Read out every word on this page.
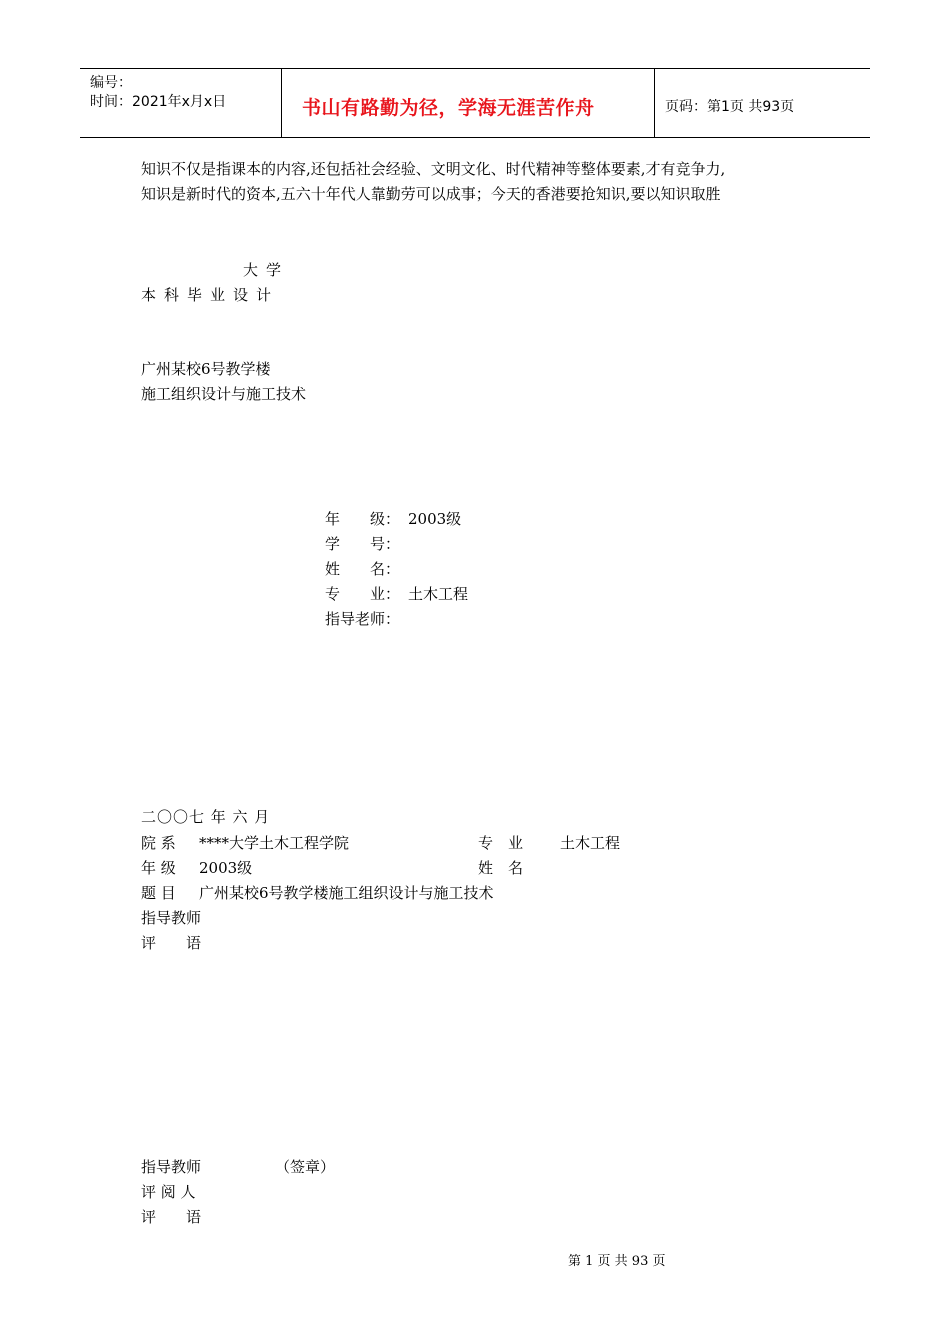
编号：
时间：2021年x月x日	书山有路勤为径，学海无涯苦作舟	页码：第1页 共93页
知识不仅是指课本的内容,还包括社会经验、文明文化、时代精神等整体要素,才有竞争力,
知识是新时代的资本,五六十年代人靠勤劳可以成事；今天的香港要抢知识,要以知识取胜
大学
本科毕业设计
广州某校6号教学楼
施工组织设计与施工技术
年　　级： 2003级
学　　号：
姓　　名：
专　　业： 土木工程
指导老师：
二〇〇七 年 六 月
院 系 ****大学土木工程学院	专　业 土木工程
年 级 2003级	姓　名
题 目 广州某校6号教学楼施工组织设计与施工技术
指导教师
评　　语
指导教师	（签章）
评 阅 人
评　　语
第 1 页 共 93 页
